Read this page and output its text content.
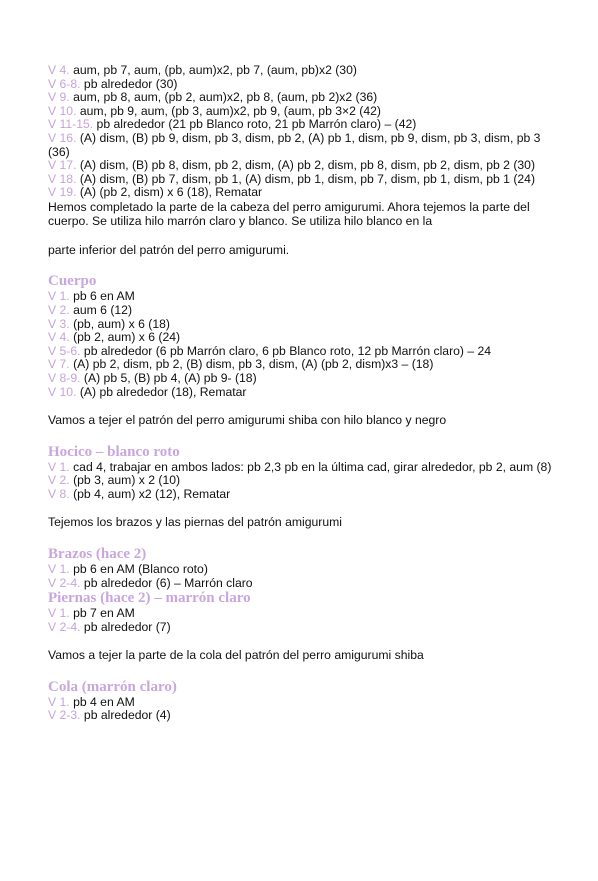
V 4. aum, pb 7, aum, (pb, aum)x2, pb 7, (aum, pb)x2 (30)
V 6-8. pb alrededor (30)
V 9. aum, pb 8, aum, (pb 2, aum)x2, pb 8, (aum, pb 2)x2 (36)
V 10. aum, pb 9, aum, (pb 3, aum)x2, pb 9, (aum, pb 3×2 (42)
V 11-15. pb alrededor (21 pb Blanco roto, 21 pb Marrón claro) – (42)
V 16. (A) dism, (B) pb 9, dism, pb 3, dism, pb 2, (A) pb 1, dism, pb 9, dism, pb 3, dism, pb 3 (36)
V 17. (A) dism, (B) pb 8, dism, pb 2, dism, (A) pb 2, dism, pb 8, dism, pb 2, dism, pb 2 (30)
V 18. (A) dism, (B) pb 7, dism, pb 1, (A) dism, pb 1, dism, pb 7, dism, pb 1, dism, pb 1 (24)
V 19. (A) (pb 2, dism) x 6 (18), Rematar
Hemos completado la parte de la cabeza del perro amigurumi. Ahora tejemos la parte del cuerpo. Se utiliza hilo marrón claro y blanco. Se utiliza hilo blanco en la
parte inferior del patrón del perro amigurumi.
Cuerpo
V 1. pb 6 en AM
V 2. aum 6 (12)
V 3. (pb, aum) x 6 (18)
V 4. (pb 2, aum) x 6 (24)
V 5-6. pb alrededor (6 pb Marrón claro, 6 pb Blanco roto, 12 pb Marrón claro) – 24
V 7. (A) pb 2, dism, pb 2, (B) dism, pb 3, dism, (A) (pb 2, dism)x3 – (18)
V 8-9. (A) pb 5, (B) pb 4, (A) pb 9- (18)
V 10. (A) pb alrededor (18), Rematar
Vamos a tejer el patrón del perro amigurumi shiba con hilo blanco y negro
Hocico – blanco roto
V 1. cad 4, trabajar en ambos lados: pb 2,3 pb en la última cad, girar alrededor, pb 2, aum (8)
V 2. (pb 3, aum) x 2 (10)
V 8. (pb 4, aum) x2 (12), Rematar
Tejemos los brazos y las piernas del patrón amigurumi
Brazos (hace 2)
V 1. pb 6 en AM (Blanco roto)
V 2-4. pb alrededor (6) – Marrón claro
Piernas (hace 2) – marrón claro
V 1. pb 7 en AM
V 2-4. pb alrededor (7)
Vamos a tejer la parte de la cola del patrón del perro amigurumi shiba
Cola (marrón claro)
V 1. pb 4 en AM
V 2-3. pb alrededor (4)
